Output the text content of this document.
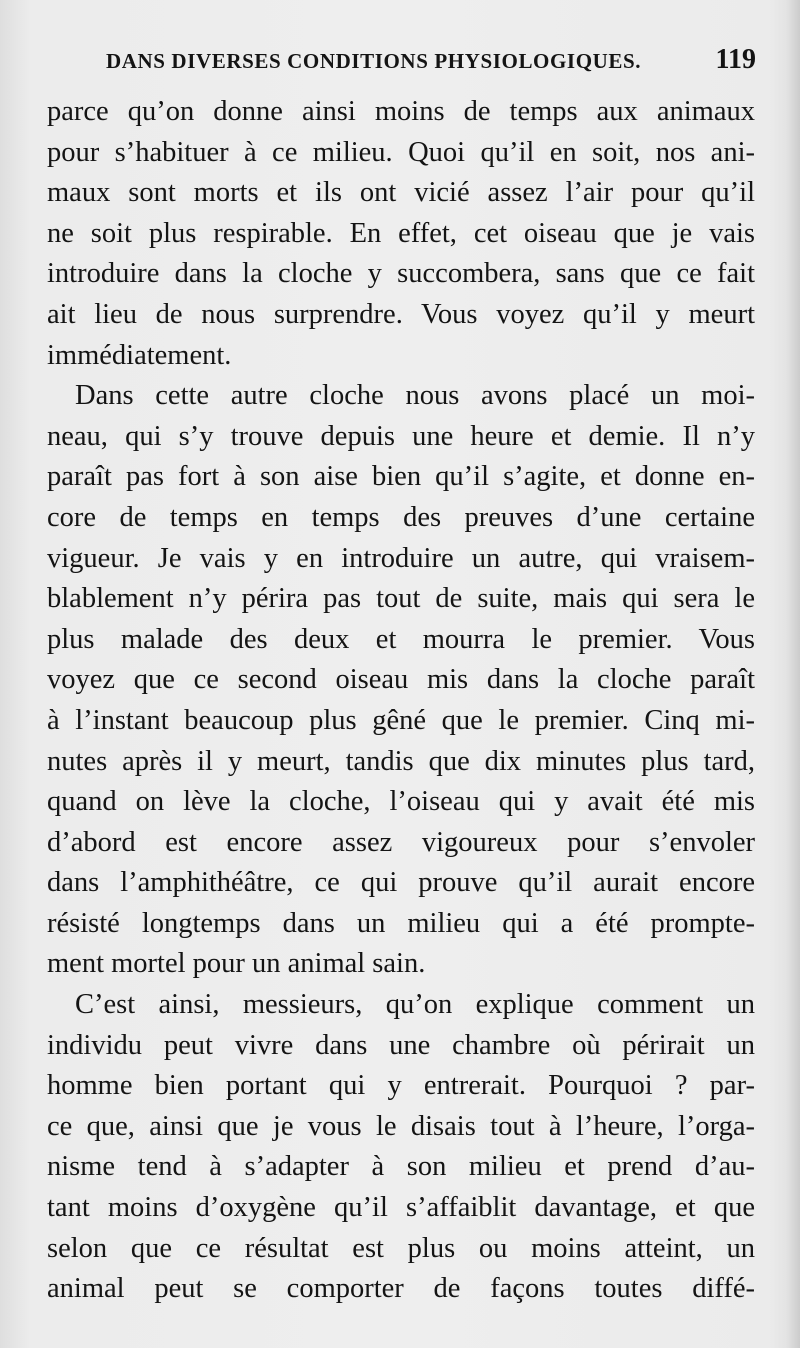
DANS DIVERSES CONDITIONS PHYSIOLOGIQUES.	119
parce qu’on donne ainsi moins de temps aux animaux
pour s’habituer à ce milieu. Quoi qu’il en soit, nos ani-
maux sont morts et ils ont vicié assez l’air pour qu’il
ne soit plus respirable. En effet, cet oiseau que je vais
introduire dans la cloche y succombera, sans que ce fait
ait lieu de nous surprendre. Vous voyez qu’il y meurt
immédiatement.
Dans cette autre cloche nous avons placé un moi-
neau, qui s’y trouve depuis une heure et demie. Il n’y
paraît pas fort à son aise bien qu’il s’agite, et donne en-
core de temps en temps des preuves d’une certaine
vigueur. Je vais y en introduire un autre, qui vraisem-
blablement n’y périra pas tout de suite, mais qui sera le
plus malade des deux et mourra le premier. Vous
voyez que ce second oiseau mis dans la cloche paraît
à l’instant beaucoup plus gêné que le premier. Cinq mi-
nutes après il y meurt, tandis que dix minutes plus tard,
quand on lève la cloche, l’oiseau qui y avait été mis
d’abord est encore assez vigoureux pour s’envoler
dans l’amphithéâtre, ce qui prouve qu’il aurait encore
résisté longtemps dans un milieu qui a été prompte-
ment mortel pour un animal sain.
C’est ainsi, messieurs, qu’on explique comment un
individu peut vivre dans une chambre où périrait un
homme bien portant qui y entrerait. Pourquoi ? par-
ce que, ainsi que je vous le disais tout à l’heure, l’orga-
nisme tend à s’adapter à son milieu et prend d’au-
tant moins d’oxygène qu’il s’affaiblit davantage, et que
selon que ce résultat est plus ou moins atteint, un
animal peut se comporter de façons toutes diffé-
